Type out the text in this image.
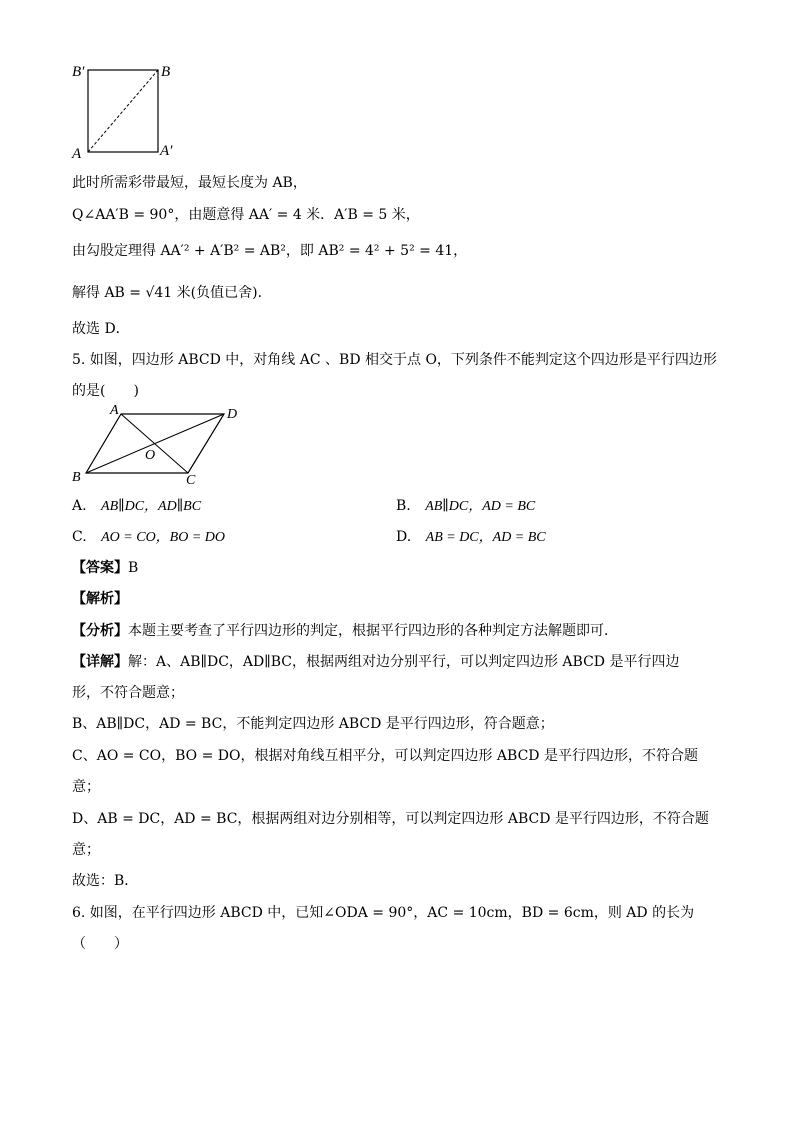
B′	B
A	A′
此时所需彩带最短，最短长度为 AB，
Q∠AA′B = 90°，由题意得 AA′ = 4 米．A′B = 5 米，
由勾股定理得 AA′² + A′B² = AB²，即 AB² = 4² + 5² = 41，
解得 AB = √41 米(负值已舍)．
故选 D．
5. 如图，四边形 ABCD 中，对角线 AC 、BD 相交于点 O，下列条件不能判定这个四边形是平行四边形
的是(　　)
A	D
B	C
O
A. AB∥DC，AD∥BC	B. AB∥DC，AD = BC
C. AO = CO，BO = DO	D. AB = DC，AD = BC
【答案】B
【解析】
【分析】本题主要考查了平行四边形的判定，根据平行四边形的各种判定方法解题即可．
【详解】解：A、AB∥DC，AD∥BC，根据两组对边分别平行，可以判定四边形 ABCD 是平行四边
形，不符合题意；
B、AB∥DC，AD = BC，不能判定四边形 ABCD 是平行四边形，符合题意；
C、AO = CO，BO = DO，根据对角线互相平分，可以判定四边形 ABCD 是平行四边形，不符合题
意；
D、AB = DC，AD = BC，根据两组对边分别相等，可以判定四边形 ABCD 是平行四边形，不符合题
意；
故选：B．
6. 如图，在平行四边形 ABCD 中，已知∠ODA = 90°，AC = 10cm，BD = 6cm，则 AD 的长为
（　　）
